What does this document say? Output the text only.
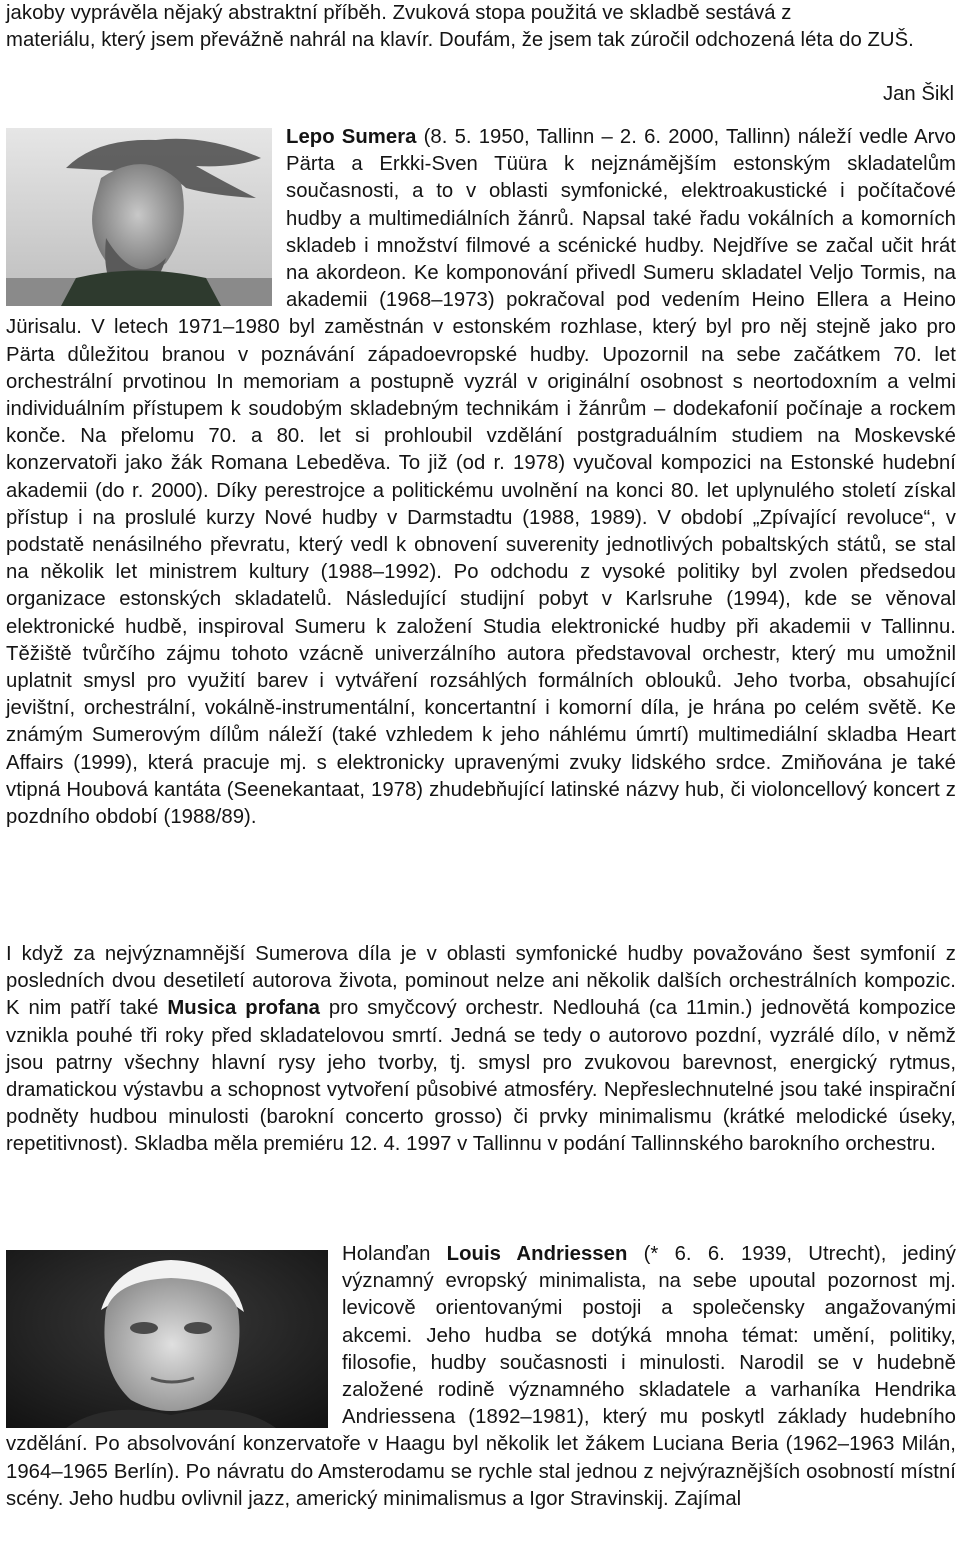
jakoby vyprávěla nějaký abstraktní příběh. Zvuková stopa použitá ve skladbě sestává z
materiálu, který jsem převážně nahrál na klavír. Doufám, že jsem tak zúročil odchozená léta do ZUŠ.
Jan Šikl
Lepo Sumera (8. 5. 1950, Tallinn – 2. 6. 2000, Tallinn) náleží vedle Arvo Pärta a Erkki-Sven Tüüra k nejznámějším estonským skladatelům současnosti, a to v oblasti symfonické, elektroakustické i počítačové hudby a multimediálních žánrů. Napsal také řadu vokálních a komorních skladeb i množství filmové a scénické hudby. Nejdříve se začal učit hrát na akordeon. Ke komponování přivedl Sumeru skladatel Veljo Tormis, na akademii (1968–1973) pokračoval pod vedením Heino Ellera a Heino Jürisalu. V letech 1971–1980 byl zaměstnán v estonském rozhlase, který byl pro něj stejně jako pro Pärta důležitou branou v poznávání západoevropské hudby. Upozornil na sebe začátkem 70. let orchestrální prvotinou In memoriam a postupně vyzrál v originální osobnost s neortodoxním a velmi individuálním přístupem k soudobým skladebným technikám i žánrům – dodekafonií počínaje a rockem konče. Na přelomu 70. a 80. let si prohloubil vzdělání postgraduálním studiem na Moskevské konzervatoři jako žák Romana Lebeděva. To již (od r. 1978) vyučoval kompozici na Estonské hudební akademii (do r. 2000). Díky perestrojce a politickému uvolnění na konci 80. let uplynulého století získal přístup i na proslulé kurzy Nové hudby v Darmstadtu (1988, 1989). V období „Zpívající revoluce“, v podstatě nenásilného převratu, který vedl k obnovení suverenity jednotlivých pobaltských států, se stal na několik let ministrem kultury (1988–1992). Po odchodu z vysoké politiky byl zvolen předsedou organizace estonských skladatelů. Následující studijní pobyt v Karlsruhe (1994), kde se věnoval elektronické hudbě, inspiroval Sumeru k založení Studia elektronické hudby při akademii v Tallinnu. Těžiště tvůrčího zájmu tohoto vzácně univerzálního autora představoval orchestr, který mu umožnil uplatnit smysl pro využití barev i vytváření rozsáhlých formálních oblouků. Jeho tvorba, obsahující jevištní, orchestrální, vokálně-instrumentální, koncertantní i komorní díla, je hrána po celém světě. Ke známým Sumerovým dílům náleží (také vzhledem k jeho náhlému úmrtí) multimediální skladba Heart Affairs (1999), která pracuje mj. s elektronicky upravenými zvuky lidského srdce. Zmiňována je také vtipná Houbová kantáta (Seenekantaat, 1978) zhudebňující latinské názvy hub, či violoncellový koncert z pozdního období (1988/89).
I když za nejvýznamnější Sumerova díla je v oblasti symfonické hudby považováno šest symfonií z posledních dvou desetiletí autorova života, pominout nelze ani několik dalších orchestrálních kompozic. K nim patří také Musica profana pro smyčcový orchestr. Nedlouhá (ca 11min.) jednovětá kompozice vznikla pouhé tři roky před skladatelovou smrtí. Jedná se tedy o autorovo pozdní, vyzrálé dílo, v němž jsou patrny všechny hlavní rysy jeho tvorby, tj. smysl pro zvukovou barevnost, energický rytmus, dramatickou výstavbu a schopnost vytvoření působivé atmosféry. Nepřeslechnutelné jsou také inspirační podněty hudbou minulosti (barokní concerto grosso) či prvky minimalismu (krátké melodické úseky, repetitivnost). Skladba měla premiéru 12. 4. 1997 v Tallinnu v podání Tallinnského barokního orchestru.
Holanďan Louis Andriessen (* 6. 6. 1939, Utrecht), jediný významný evropský minimalista, na sebe upoutal pozornost mj. levicově orientovanými postoji a společensky angažovanými akcemi. Jeho hudba se dotýká mnoha témat: umění, politiky, filosofie, hudby současnosti i minulosti. Narodil se v hudebně založené rodině významného skladatele a varhaníka Hendrika Andriessena (1892–1981), který mu poskytl základy hudebního vzdělání. Po absolvování konzervatoře v Haagu byl několik let žákem Luciana Beria (1962–1963 Milán, 1964–1965 Berlín). Po návratu do Amsterodamu se rychle stal jednou z nejvýraznějších osobností místní scény. Jeho hudbu ovlivnil jazz, americký minimalismus a Igor Stravinskij. Zajímal
